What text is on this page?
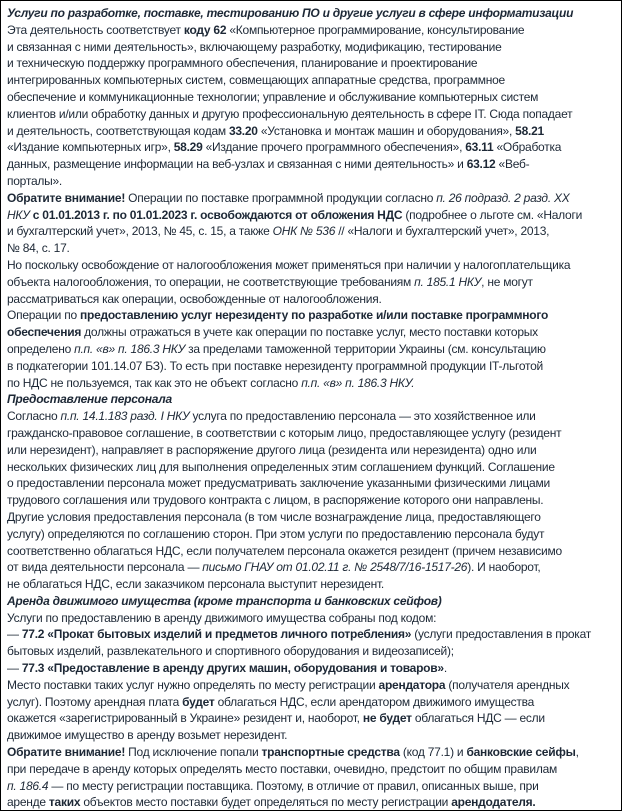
Услуги по разработке, поставке, тестированию ПО и другие услуги в сфере информатизации
Эта деятельность соответствует коду 62 «Компьютерное программирование, консультирование
и связанная с ними деятельность», включающему разработку, модификацию, тестирование
и техническую поддержку программного обеспечения, планирование и проектирование
интегрированных компьютерных систем, совмещающих аппаратные средства, программное
обеспечение и коммуникационные технологии; управление и обслуживание компьютерных систем
клиентов и/или обработку данных и другую профессиональную деятельность в сфере IT. Сюда попадает
и деятельность, соответствующая кодам 33.20 «Установка и монтаж машин и оборудования», 58.21
«Издание компьютерных игр», 58.29 «Издание прочего программного обеспечения», 63.11 «Обработка
данных, размещение информации на веб-узлах и связанная с ними деятельность» и 63.12 «Веб-
порталы».
Обратите внимание! Операции по поставке программной продукции согласно п. 26 подразд. 2 разд. XX
НКУ с 01.01.2013 г. по 01.01.2023 г. освобождаются от обложения НДС (подробнее о льготе см. «Налоги
и бухгалтерский учет», 2013, № 45, с. 15, а также ОНК № 536 // «Налоги и бухгалтерский учет», 2013,
№ 84, с. 17.
Но поскольку освобождение от налогообложения может применяться при наличии у налогоплательщика
объекта налогообложения, то операции, не соответствующие требованиям п. 185.1 НКУ, не могут
рассматриваться как операции, освобожденные от налогообложения.
Операции по предоставлению услуг нерезиденту по разработке и/или поставке программного
обеспечения должны отражаться в учете как операции по поставке услуг, место поставки которых
определено п.п. «в» п. 186.3 НКУ за пределами таможенной территории Украины (см. консультацию
в подкатегории 101.14.07 БЗ). То есть при поставке нерезиденту программной продукции IT-льготой
по НДС не пользуемся, так как это не объект согласно п.п. «в» п. 186.3 НКУ.
Предоставление персонала
Согласно п.п. 14.1.183 разд. I НКУ услуга по предоставлению персонала — это хозяйственное или
гражданско-правовое соглашение, в соответствии с которым лицо, предоставляющее услугу (резидент
или нерезидент), направляет в распоряжение другого лица (резидента или нерезидента) одно или
нескольких физических лиц для выполнения определенных этим соглашением функций. Соглашение
о предоставлении персонала может предусматривать заключение указанными физическими лицами
трудового соглашения или трудового контракта с лицом, в распоряжение которого они направлены.
Другие условия предоставления персонала (в том числе вознаграждение лица, предоставляющего
услугу) определяются по соглашению сторон. При этом услуги по предоставлению персонала будут
соответственно облагаться НДС, если получателем персонала окажется резидент (причем независимо
от вида деятельности персонала — письмо ГНАУ от 01.02.11 г. № 2548/7/16-1517-26). И наоборот,
не облагаться НДС, если заказчиком персонала выступит нерезидент.
Аренда движимого имущества (кроме транспорта и банковских сейфов)
Услуги по предоставлению в аренду движимого имущества собраны под кодом:
— 77.2 «Прокат бытовых изделий и предметов личного потребления» (услуги предоставления в прокат
бытовых изделий, развлекательного и спортивного оборудования и видеозаписей);
— 77.3 «Предоставление в аренду других машин, оборудования и товаров».
Место поставки таких услуг нужно определять по месту регистрации арендатора (получателя арендных
услуг). Поэтому арендная плата будет облагаться НДС, если арендатором движимого имущества
окажется «зарегистрированный в Украине» резидент и, наоборот, не будет облагаться НДС — если
движимое имущество в аренду возьмет нерезидент.
Обратите внимание! Под исключение попали транспортные средства (код 77.1) и банковские сейфы,
при передаче в аренду которых определять место поставки, очевидно, предстоит по общим правилам
п. 186.4 — по месту регистрации поставщика. Поэтому, в отличие от правил, описанных выше, при
аренде таких объектов место поставки будет определяться по месту регистрации арендодателя.
